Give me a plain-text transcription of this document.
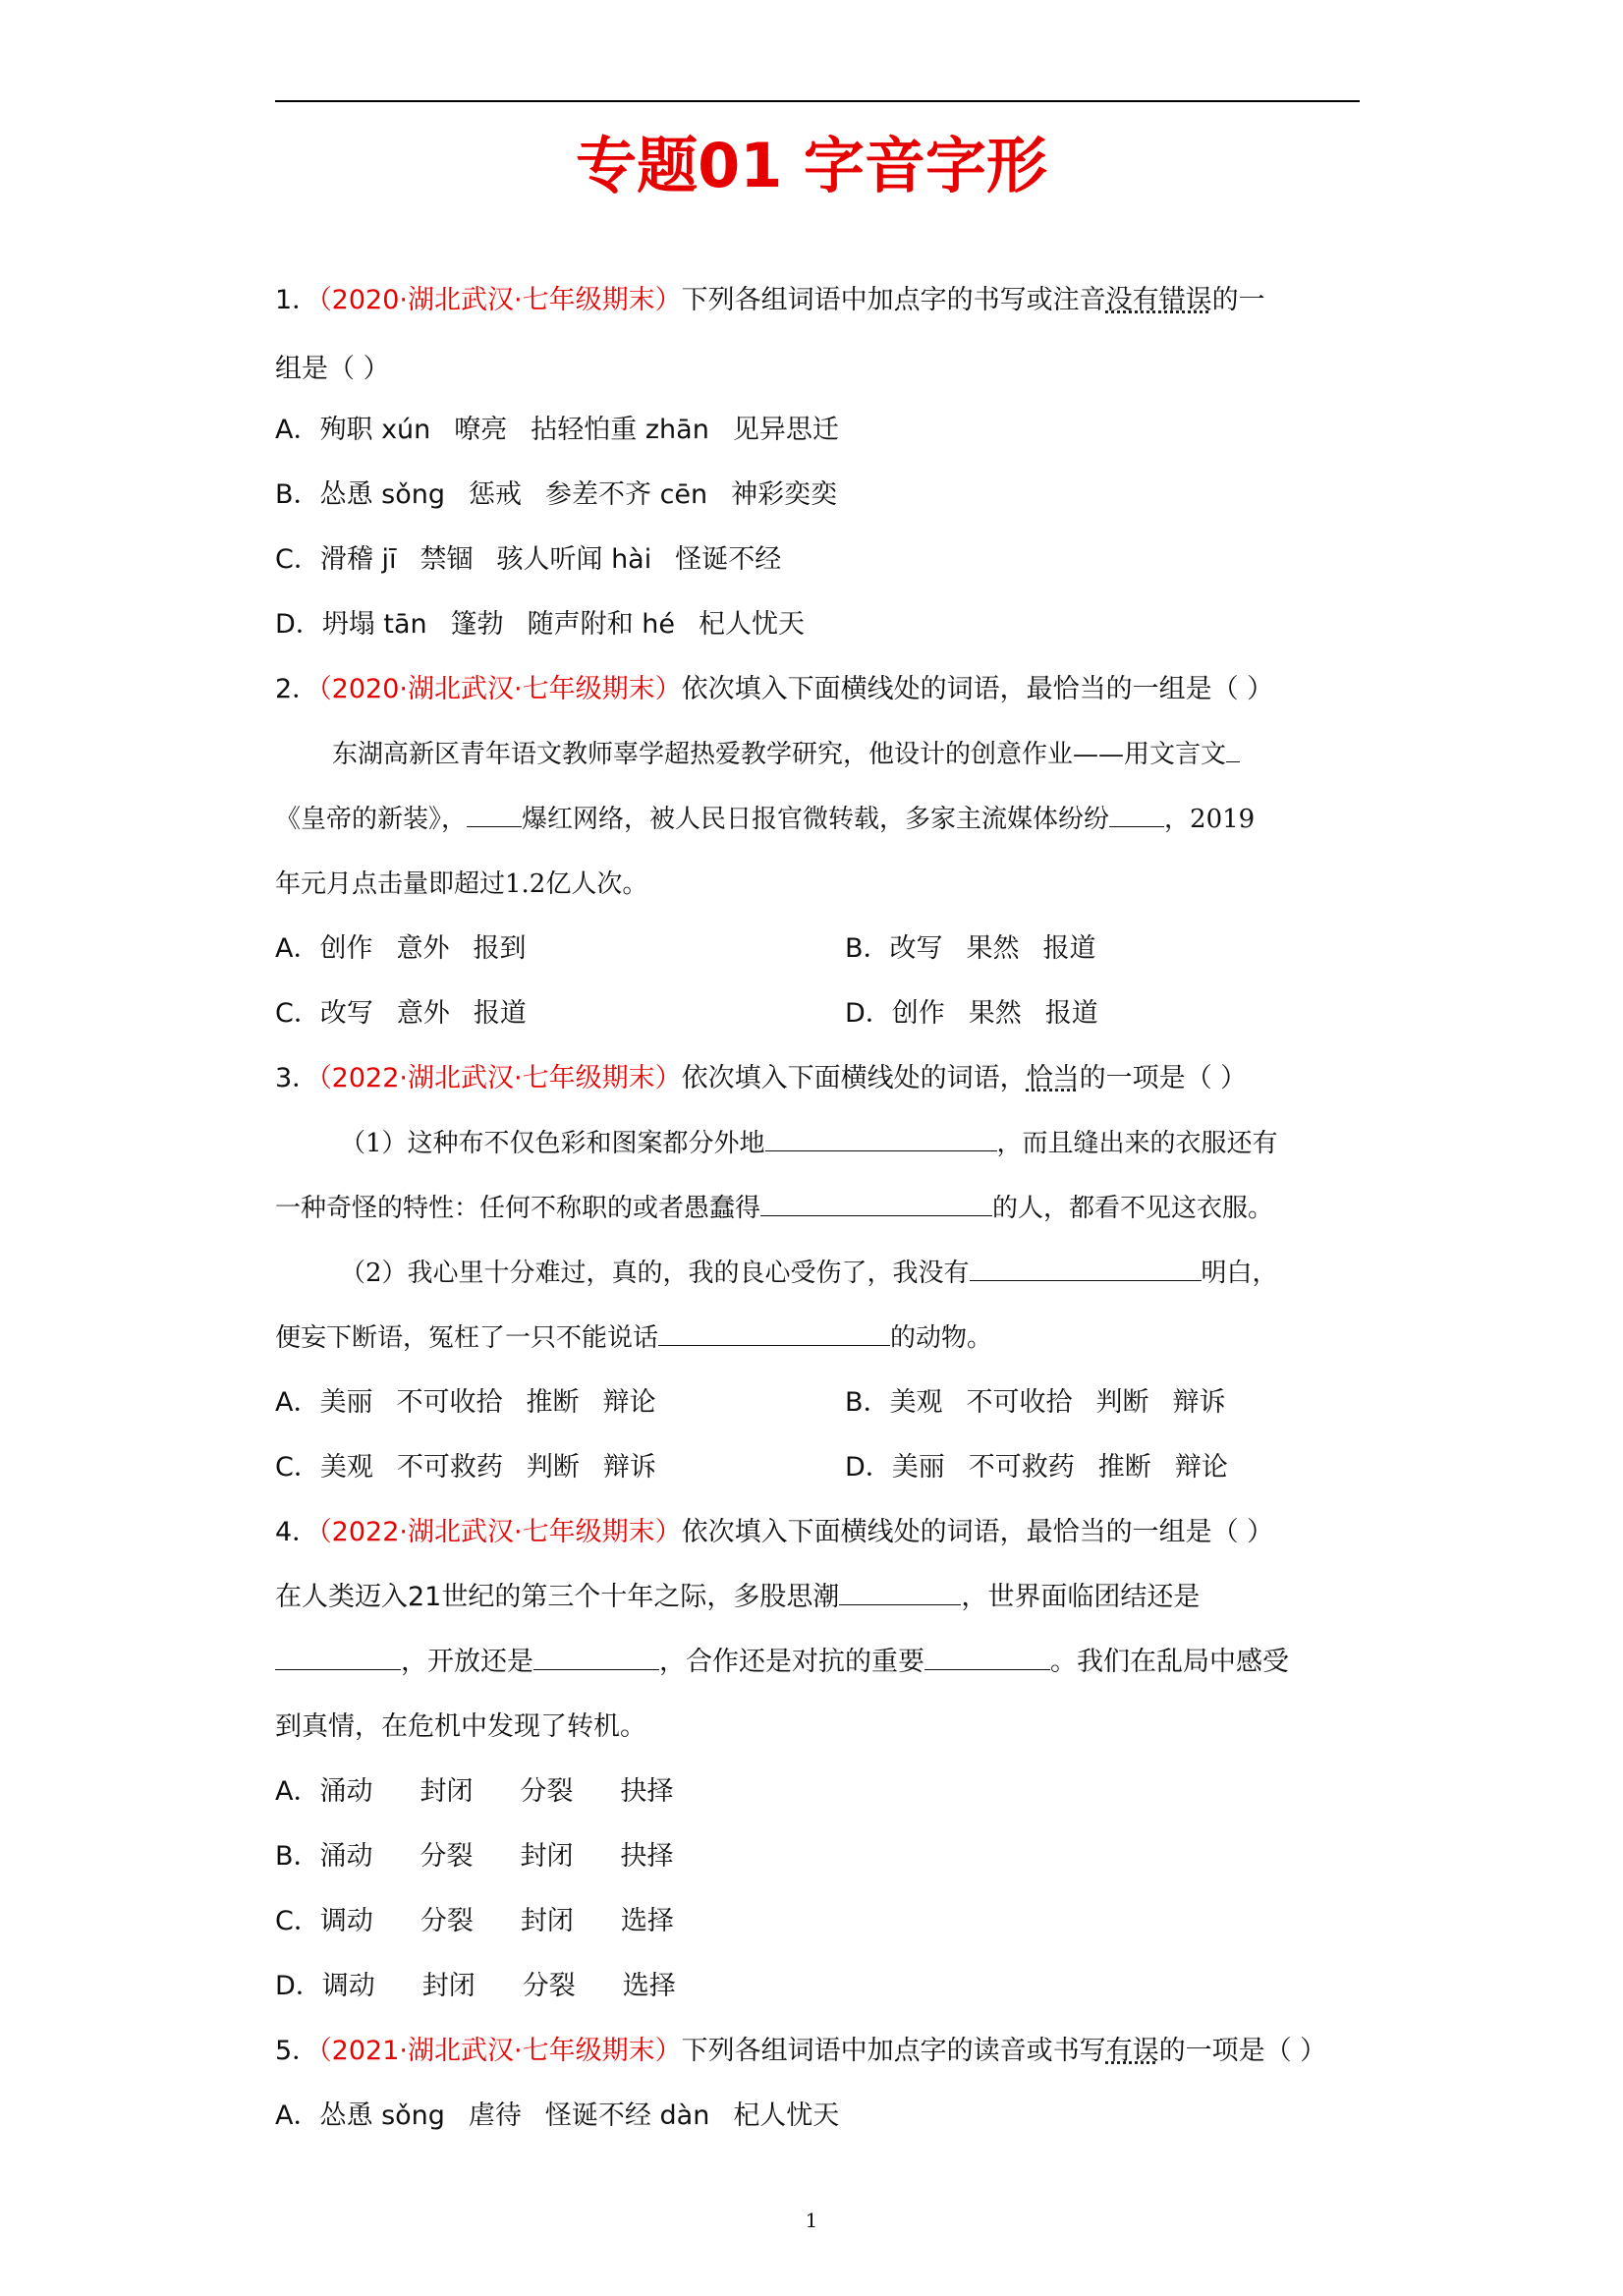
专题01 字音字形
1．（2020·湖北武汉·七年级期末）下列各组词语中加点字的书写或注音没有错误的一
组是（ ）
A．殉职 xún 嘹亮 拈轻怕重 zhān 见异思迁
B．怂恿 sǒng 惩戒 参差不齐 cēn 神彩奕奕
C．滑稽 jī 禁锢 骇人听闻 hài 怪诞不经
D．坍塌 tān 篷勃 随声附和 hé 杞人忧天
2．（2020·湖北武汉·七年级期末）依次填入下面横线处的词语，最恰当的一组是（ ）
东湖高新区青年语文教师辜学超热爱教学研究，他设计的创意作业——用文言文
《皇帝的新装》， 爆红网络，被人民日报官微转载，多家主流媒体纷纷 ，2019
年元月点击量即超过1.2亿人次。
A．创作 意外 报到	B．改写 果然 报道
C．改写 意外 报道	D．创作 果然 报道
3．（2022·湖北武汉·七年级期末）依次填入下面横线处的词语，恰当的一项是（ ）
（1）这种布不仅色彩和图案都分外地	，而且缝出来的衣服还有
一种奇怪的特性：任何不称职的或者愚蠢得	的人，都看不见这衣服。
（2）我心里十分难过，真的，我的良心受伤了，我没有	明白，
便妄下断语，冤枉了一只不能说话	的动物。
A．美丽 不可收拾 推断 辩论	B．美观 不可收拾 判断 辩诉
C．美观 不可救药 判断 辩诉	D．美丽 不可救药 推断 辩论
4．（2022·湖北武汉·七年级期末）依次填入下面横线处的词语，最恰当的一组是（ ）
在人类迈入21世纪的第三个十年之际，多股思潮	，世界面临团结还是
，开放还是	，合作还是对抗的重要	。我们在乱局中感受
到真情，在危机中发现了转机。
A．涌动 封闭 分裂 抉择
B．涌动 分裂 封闭 抉择
C．调动 分裂 封闭 选择
D．调动 封闭 分裂 选择
5．（2021·湖北武汉·七年级期末）下列各组词语中加点字的读音或书写有误的一项是（ ）
A．怂恿 sǒng 虐待 怪诞不经 dàn 杞人忧天
1
